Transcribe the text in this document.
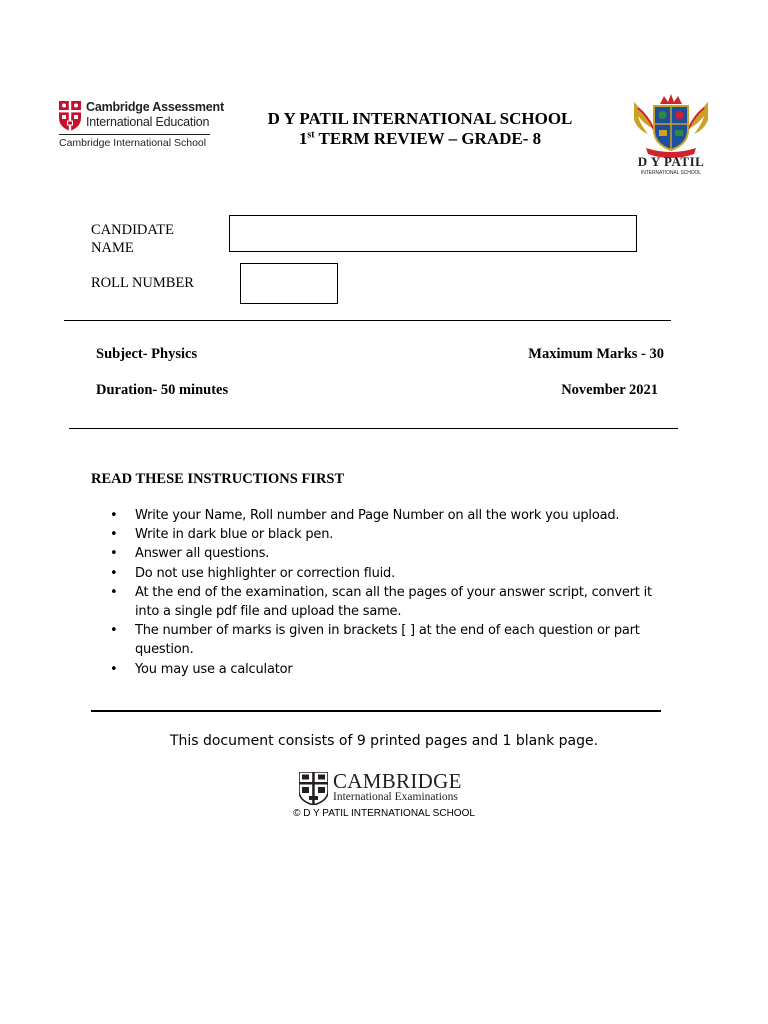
Cambridge Assessment
International Education
Cambridge International School
D Y PATIL INTERNATIONAL SCHOOL
1st TERM REVIEW – GRADE- 8
D Y PATIL
INTERNATIONAL SCHOOL
CANDIDATE NAME
ROLL NUMBER
Subject- Physics	Maximum Marks - 30
Duration- 50 minutes	November 2021
READ THESE INSTRUCTIONS FIRST
• Write your Name, Roll number and Page Number on all the work you upload.
• Write in dark blue or black pen.
• Answer all questions.
• Do not use highlighter or correction fluid.
• At the end of the examination, scan all the pages of your answer script, convert it into a single pdf file and upload the same.
• The number of marks is given in brackets [ ] at the end of each question or part question.
• You may use a calculator
This document consists of 9 printed pages and 1 blank page.
CAMBRIDGE
International Examinations
© D Y PATIL INTERNATIONAL SCHOOL
